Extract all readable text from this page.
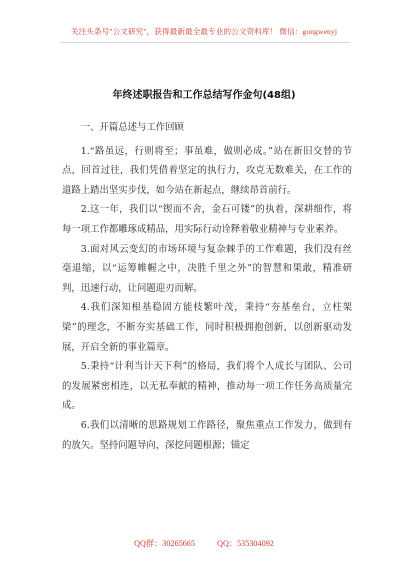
关注头条号"公文研究"，获得最新最全最专业的公文资料库！ 微信：gongwenyj
年终述职报告和工作总结写作金句(48组)

一、开篇总述与工作回顾

1.“路虽远，行则将至；事虽难，做则必成。”站在新旧交替的节点，回首过往，我们凭借着坚定的执行力，攻克无数难关，在工作的道路上踏出坚实步伐，如今站在新起点，继续昂首前行。

2.这一年，我们以“锲而不舍，金石可镂”的执着，深耕细作，将每一项工作都雕琢成精品，用实际行动诠释着敬业精神与专业素养。

3.面对风云变幻的市场环境与复杂棘手的工作难题，我们没有丝毫退缩，以“运筹帷幄之中，决胜千里之外”的智慧和果敢，精准研判，迅速行动，让问题迎刃而解。

4.我们深知根基稳固方能枝繁叶茂，秉持“夯基垒台，立柱架梁”的理念，不断夯实基础工作，同时积极拥抱创新，以创新驱动发展，开启全新的事业篇章。

5.秉持“计利当计天下利”的格局，我们将个人成长与团队、公司的发展紧密相连，以无私奉献的精神，推动每一项工作任务高质量完成。

6.我们以清晰的思路规划工作路径，聚焦重点工作发力，做到有的放矢。坚持问题导向，深挖问题根源；锚定

QQ群：30265665	QQ：535304092
